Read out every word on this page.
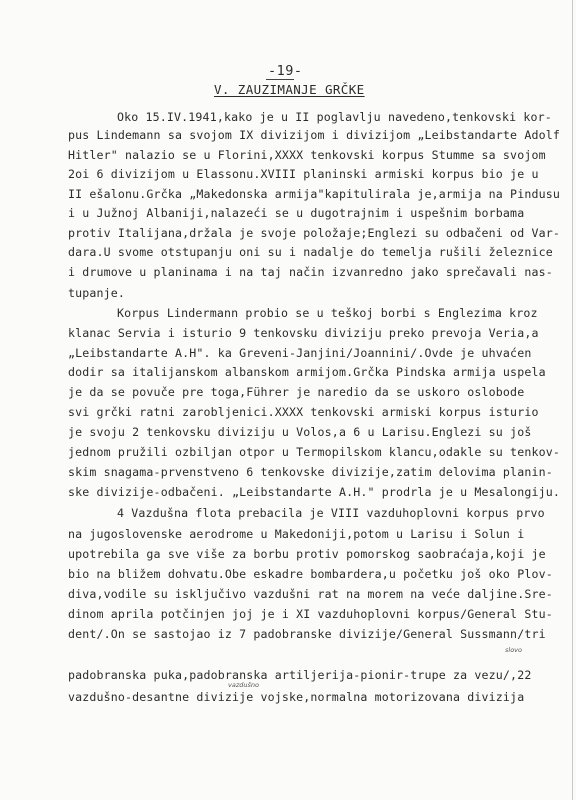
-19-
V. ZAUZIMANJE GRČKE
Oko 15.IV.1941,kako je u II poglavlju navedeno,tenkovski kor-
pus Lindemann sa svojom IX divizijom i divizijom „Leibstandarte Adolf
Hitler" nalazio se u Florini,XXXX tenkovski korpus Stumme sa svojom
2oi 6 divizijom u Elassonu.XVIII planinski armiski korpus bio je u
II ešalonu.Grčka „Makedonska armija"kapitulirala je,armija na Pindusu
i u Južnoj Albaniji,nalazeći se u dugotrajnim i uspešnim borbama
protiv Italijana,držala je svoje položaje;Englezi su odbačeni od Var-
dara.U svome otstupanju oni su i nadalje do temelja rušili železnice
i drumove u planinama i na taj način izvanredno jako sprečavali nas-
tupanje.
Korpus Lindermann probio se u teškoj borbi s Englezima kroz
klanac Servia i isturio 9 tenkovsku diviziju preko prevoja Veria,a
„Leibstandarte A.H". ka Greveni-Janjini/Joannini/.Ovde je uhvaćen
dodir sa italijanskom albanskom armijom.Grčka Pindska armija uspela
je da se povuče pre toga,Führer je naredio da se uskoro oslobode
svi grčki ratni zarobljenici.XXXX tenkovski armiski korpus isturio
je svoju 2 tenkovsku diviziju u Volos,a 6 u Larisu.Englezi su još
jednom pružili ozbiljan otpor u Termopilskom klancu,odakle su tenkov-
skim snagama-prvenstveno 6 tenkovske divizije,zatim delovima planin-
ske divizije-odbačeni. „Leibstandarte A.H." prodrla je u Mesalongiju.
4 Vazdušna flota prebacila je VIII vazduhoplovni korpus prvo
na jugoslovenske aerodrome u Makedoniji,potom u Larisu i Solun i
upotrebila ga sve više za borbu protiv pomorskog saobraćaja,koji je
bio na bližem dohvatu.Obe eskadre bombardera,u početku još oko Plov-
diva,vodile su isključivo vazdušni rat na morem na veće daljine.Sre-
dinom aprila potčinjen joj je i XI vazduhoplovni korpus/General Stu-
dent/.On se sastojao iz 7 padobranske divizije/General Sussmann/tri
padobranska puka,padobranska artiljerija-pionir-trupe za vezu/,22
vazdušno-desantne divizije vojske,normalna motorizovana divizija
vazdušno
slovo
